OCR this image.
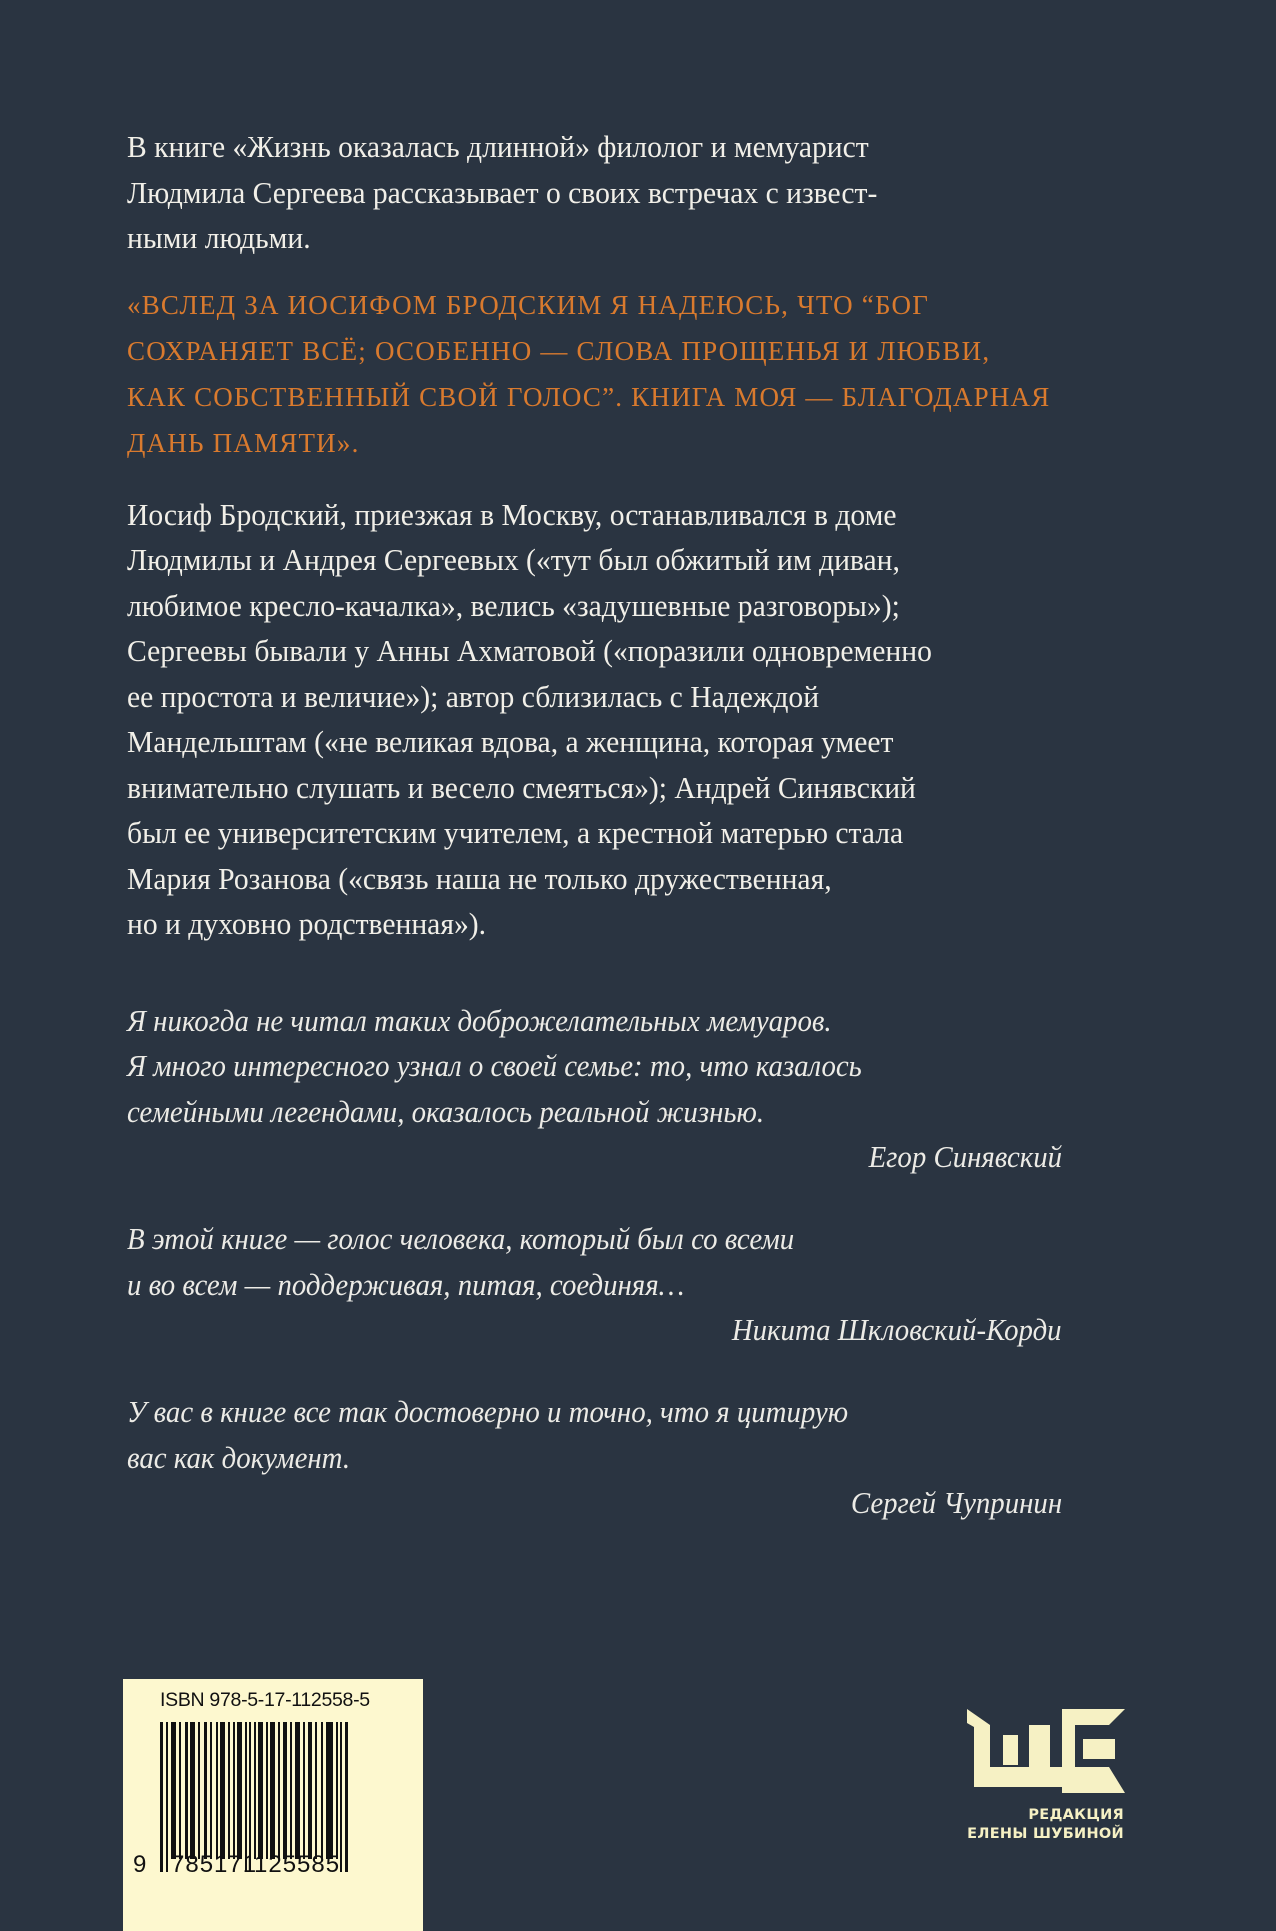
В книге «Жизнь оказалась длинной» филолог и мемуарист
Людмила Сергеева рассказывает о своих встречах с извест-
ными людьми.
«ВСЛЕД ЗА ИОСИФОМ БРОДСКИМ Я НАДЕЮСЬ, ЧТО “БОГ
СОХРАНЯЕТ ВСЁ; ОСОБЕННО — СЛОВА ПРОЩЕНЬЯ И ЛЮБВИ,
КАК СОБСТВЕННЫЙ СВОЙ ГОЛОС”. КНИГА МОЯ — БЛАГОДАРНАЯ
ДАНЬ ПАМЯТИ».
Иосиф Бродский, приезжая в Москву, останавливался в доме
Людмилы и Андрея Сергеевых («тут был обжитый им диван,
любимое кресло-качалка», велись «задушевные разговоры»);
Сергеевы бывали у Анны Ахматовой («поразили одновременно
ее простота и величие»); автор сблизилась с Надеждой
Мандельштам («не великая вдова, а женщина, которая умеет
внимательно слушать и весело смеяться»); Андрей Синявский
был ее университетским учителем, а крестной матерью стала
Мария Розанова («связь наша не только дружественная,
но и духовно родственная»).
Я никогда не читал таких доброжелательных мемуаров.
Я много интересного узнал о своей семье: то, что казалось
семейными легендами, оказалось реальной жизнью.
Егор Синявский
В этой книге — голос человека, который был со всеми
и во всем — поддерживая, питая, соединяя…
Никита Шкловский-Корди
У вас в книге все так достоверно и точно, что я цитирую
вас как документ.
Сергей Чупринин
ISBN 978-5-17-112558-5
9 785171
125585
РЕДАКЦИЯ
ЕЛЕНЫ ШУБИНОЙ
